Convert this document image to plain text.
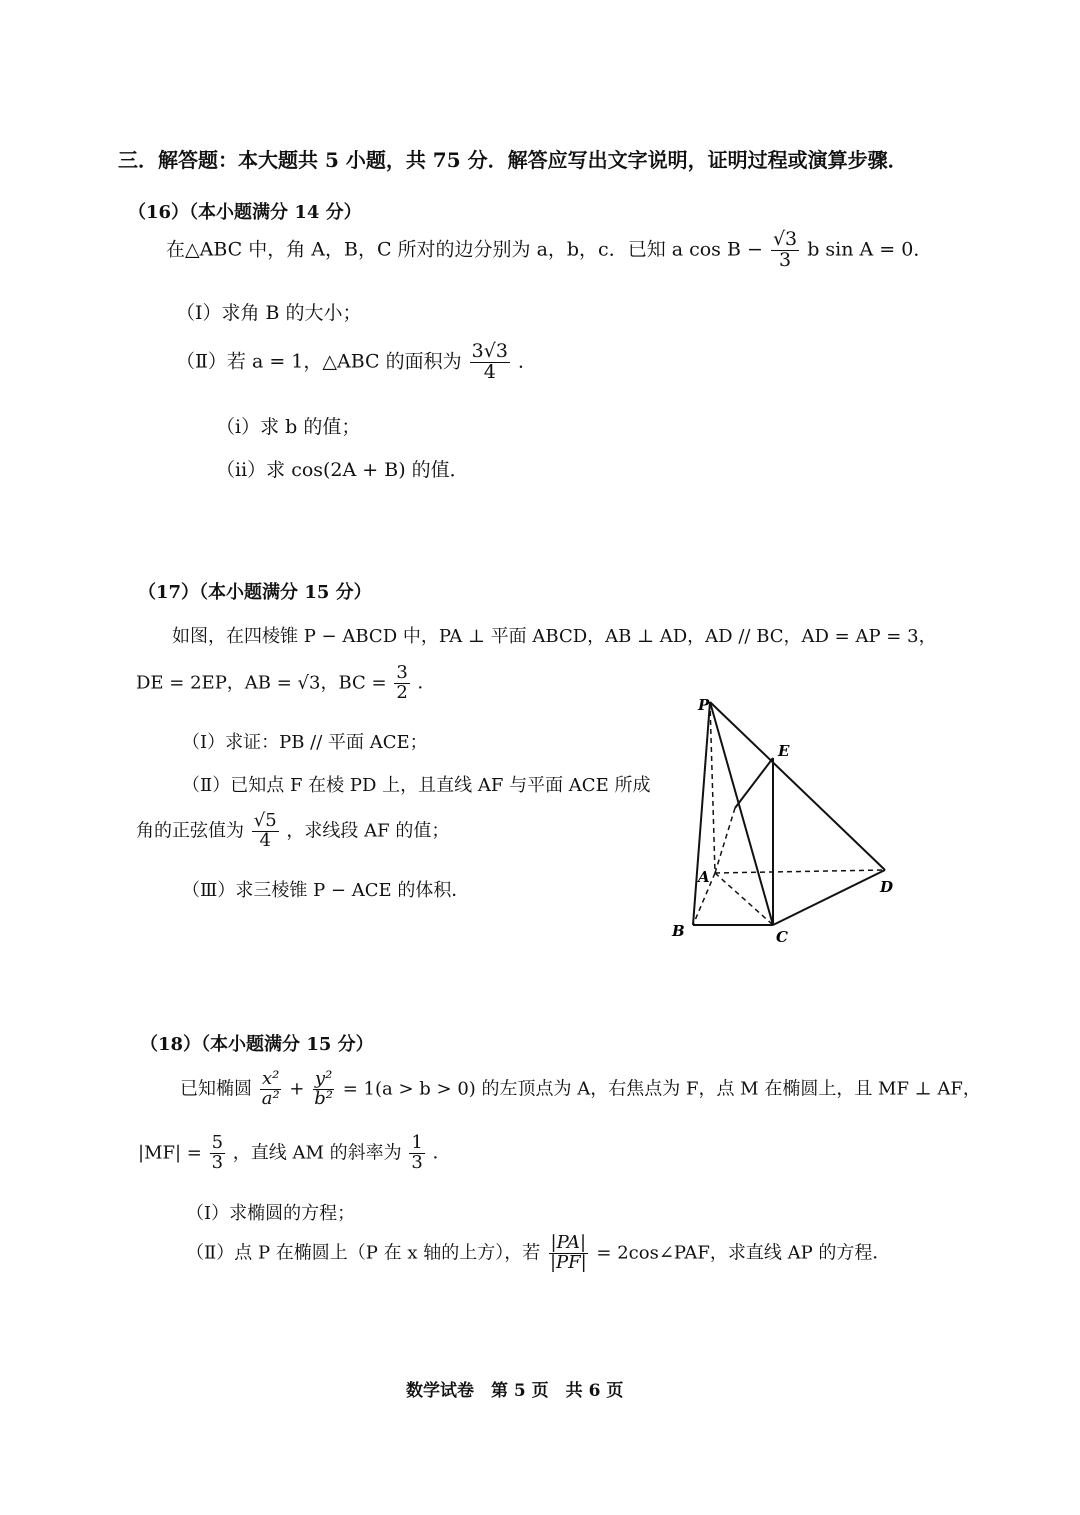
三．解答题：本大题共 5 小题，共 75 分．解答应写出文字说明，证明过程或演算步骤．
（16）（本小题满分 14 分）
在△ABC 中，角 A，B，C 所对的边分别为 a，b，c．已知 a $\cos B - \frac{√3}{3}$ b sin A = 0．
（Ⅰ）求角 B 的大小；
（Ⅱ）若 a = 1，△ABC 的面积为 $\frac{3√3}{4}$ ．
（ⅰ）求 b 的值；
（ⅱ）求 cos(2A + B) 的值．
（17）（本小题满分 15 分）
如图，在四棱锥 P − ABCD 中，PA ⊥ 平面 ABCD，AB ⊥ AD，AD // BC，AD = AP = 3，
DE = 2EP，AB = √3，BC = $\frac{3}{2}$ ．
（Ⅰ）求证：PB // 平面 ACE；
（Ⅱ）已知点 F 在棱 PD 上，且直线 AF 与平面 ACE 所成
角的正弦值为 $\frac{√5}{4}$ ，求线段 AF 的值；
（Ⅲ）求三棱锥 P − ACE 的体积．
P
E
A
D
B	C
（18）（本小题满分 15 分）
已知椭圆 $\frac{\text{x²}}{\text{a²}} + \frac{\text{y²}}{\text{b²}} = 1(a > b > 0)$ 的左顶点为 A，右焦点为 F，点 M 在椭圆上，且 MF ⊥ AF，
$|MF| = \frac{5}{3}$ ，直线 AM 的斜率为 $\frac{1}{3}$ ．
（Ⅰ）求椭圆的方程；
（Ⅱ）点 P 在椭圆上（P 在 x 轴的上方），若 $\frac{|PA|}{|PF|}$ = 2cos∠PAF，求直线 AP 的方程．
数学试卷　第 5 页　共 6 页
